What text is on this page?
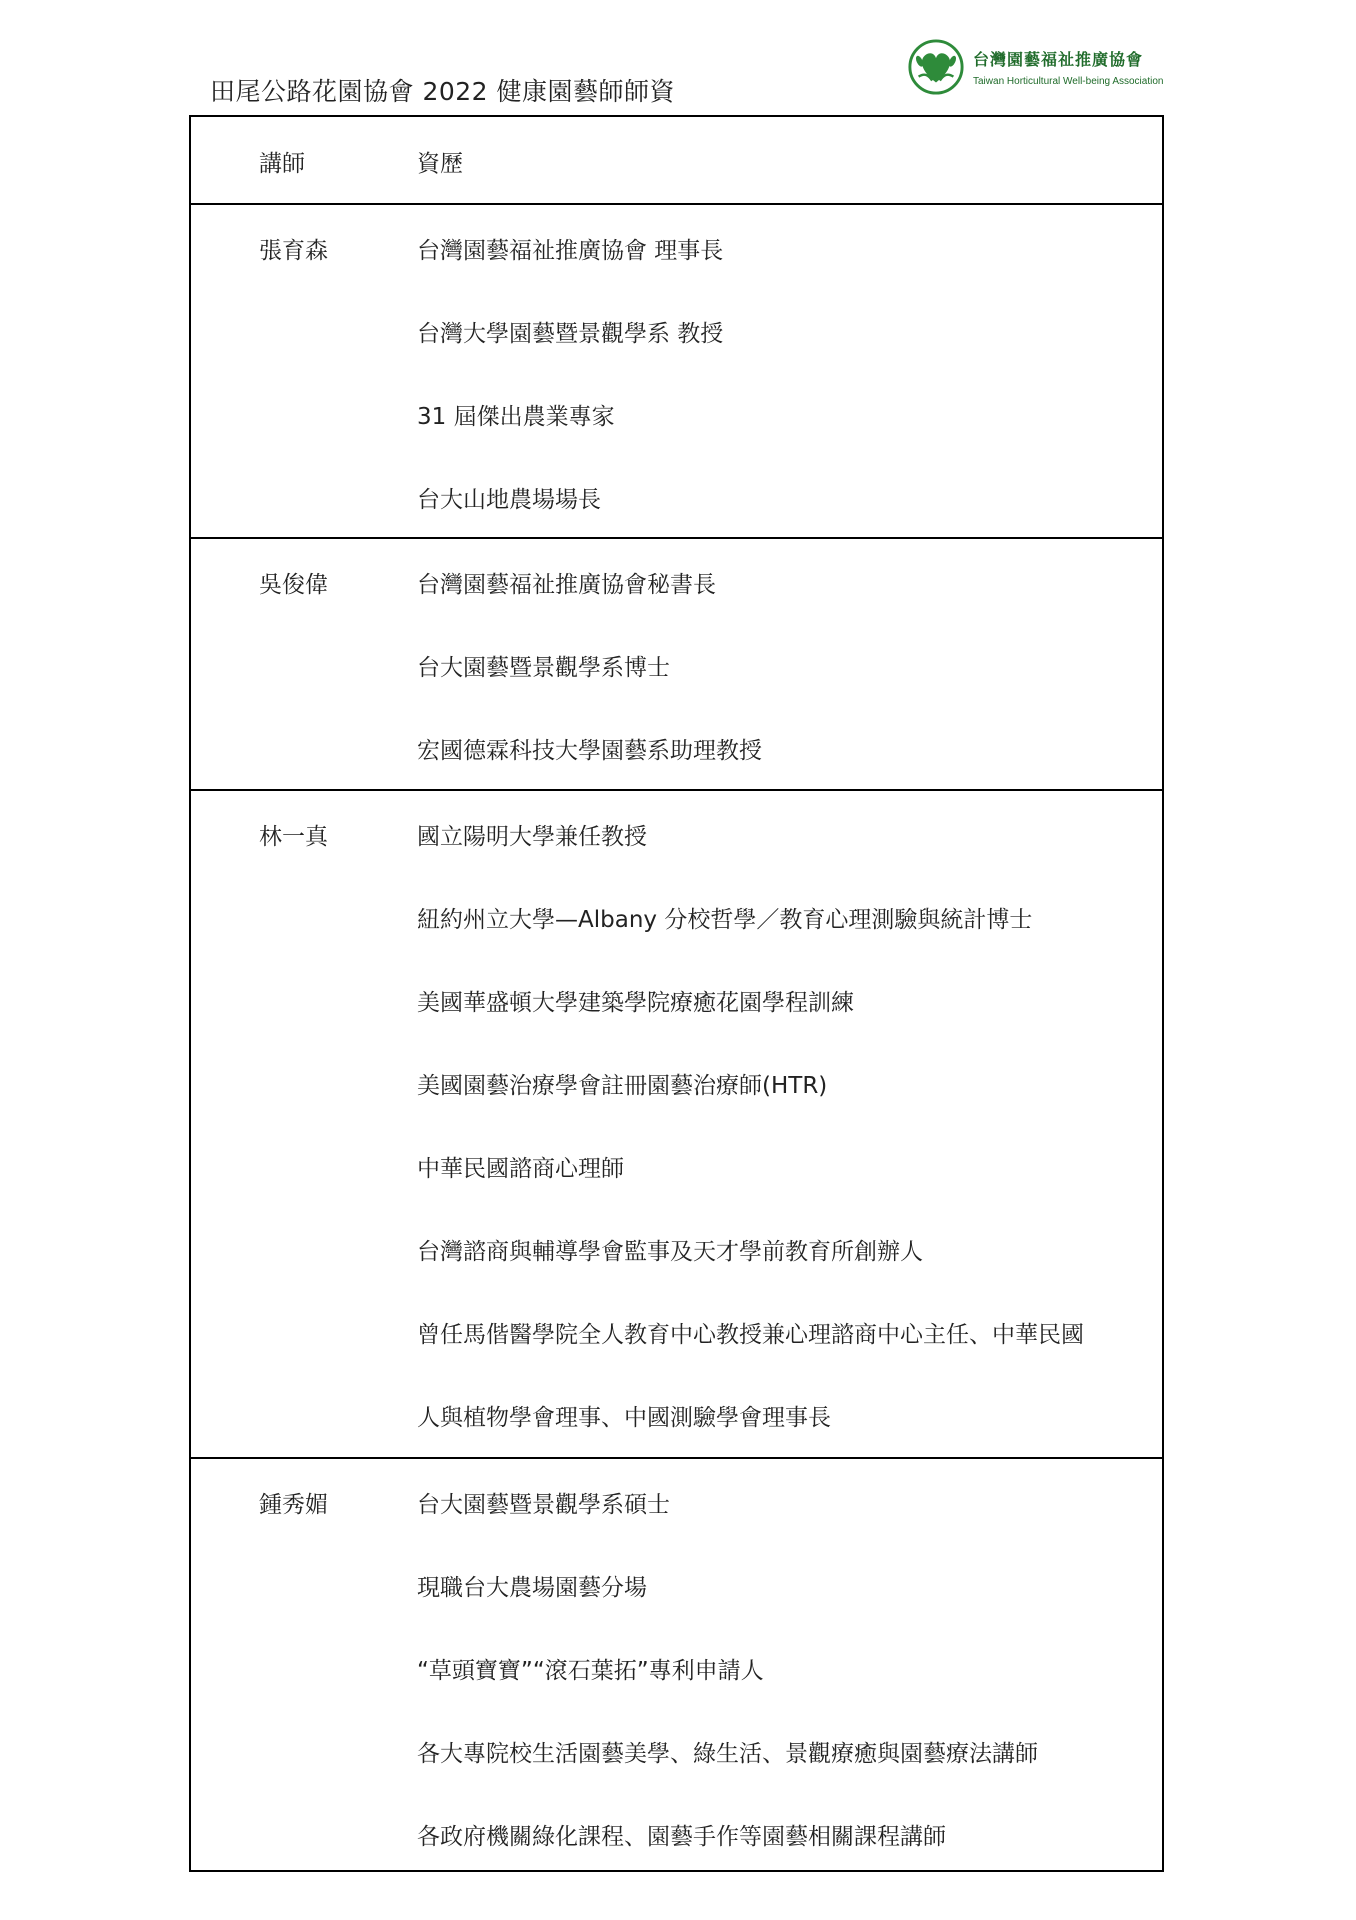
田尾公路花園協會 2022 健康園藝師師資
台灣園藝福祉推廣協會
Taiwan Horticultural Well-being Association
講師	資歷
張育森	台灣園藝福祉推廣協會 理事長
台灣大學園藝暨景觀學系 教授
31 屆傑出農業專家
台大山地農場場長
吳俊偉	台灣園藝福祉推廣協會秘書長
台大園藝暨景觀學系博士
宏國德霖科技大學園藝系助理教授
林一真	國立陽明大學兼任教授
紐約州立大學—Albany 分校哲學／教育心理測驗與統計博士
美國華盛頓大學建築學院療癒花園學程訓練
美國園藝治療學會註冊園藝治療師(HTR)
中華民國諮商心理師
台灣諮商與輔導學會監事及天才學前教育所創辦人
曾任馬偕醫學院全人教育中心教授兼心理諮商中心主任、中華民國
人與植物學會理事、中國測驗學會理事長
鍾秀媚	台大園藝暨景觀學系碩士
現職台大農場園藝分場
“草頭寶寶”“滾石葉拓”專利申請人
各大專院校生活園藝美學、綠生活、景觀療癒與園藝療法講師
各政府機關綠化課程、園藝手作等園藝相關課程講師
